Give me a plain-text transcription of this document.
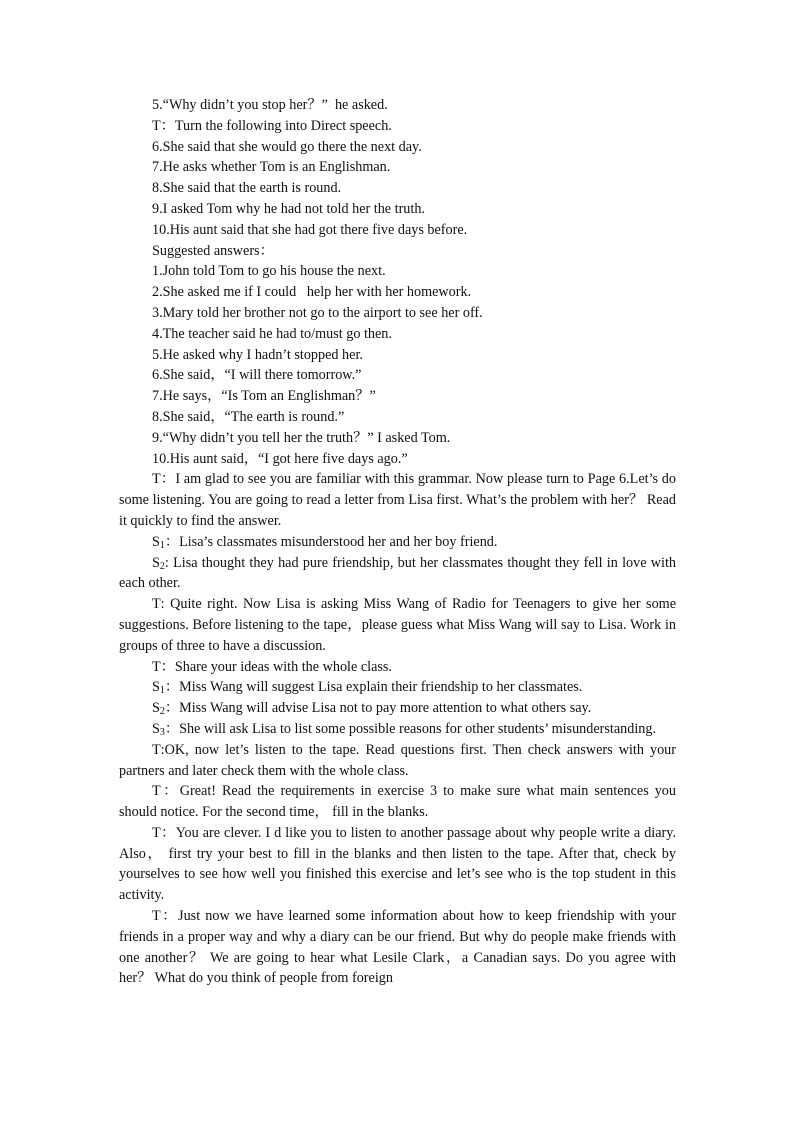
5.“Why didn’t you stop her？”  he asked.

T：Turn the following into Direct speech.

6.She said that she would go there the next day.

7.He asks whether Tom is an Englishman.

8.She said that the earth is round.

9.I asked Tom why he had not told her the truth.

10.His aunt said that she had got there five days before.

Suggested answers：

1.John told Tom to go his house the next.

2.She asked me if I could   help her with her homework.

3.Mary told her brother not go to the airport to see her off.

4.The teacher said he had to/must go then.

5.He asked why I hadn’t stopped her.

6.She said，“I will there tomorrow.”

7.He says，“Is Tom an Englishman？”

8.She said，“The earth is round.”

9.“Why didn’t you tell her the truth？” I asked Tom.

10.His aunt said，“I got here five days ago.”

T：I am glad to see you are familiar with this grammar. Now please turn to Page 6.Let’s do some listening. You are going to read a letter from Lisa first. What’s the problem with her？ Read it quickly to find the answer.

$S_1$：Lisa’s classmates misunderstood her and her boy friend.

$S_2$: Lisa thought they had pure friendship, but her classmates thought they fell in love with each other.

T: Quite right. Now Lisa is asking Miss Wang of Radio for Teenagers to give her some suggestions. Before listening to the tape，please guess what Miss Wang will say to Lisa. Work in groups of three to have a discussion.

T：Share your ideas with the whole class.

$S_1$：Miss Wang will suggest Lisa explain their friendship to her classmates.

$S_2$：Miss Wang will advise Lisa not to pay more attention to what others say.

$S_3$：She will ask Lisa to list some possible reasons for other students’ misunderstanding.

T:OK, now let’s listen to the tape. Read questions first. Then check answers with your partners and later check them with the whole class.

T：Great! Read the requirements in exercise 3 to make sure what main sentences you should notice. For the second time， fill in the blanks.

T：You are clever. I d like you to listen to another passage about why people write a diary. Also， first try your best to fill in the blanks and then listen to the tape. After that, check by yourselves to see how well you finished this exercise and let’s see who is the top student in this activity.

T：Just now we have learned some information about how to keep friendship with your friends in a proper way and why a diary can be our friend. But why do people make friends with one another？ We are going to hear what Lesile Clark，a Canadian says. Do you agree with her？ What do you think of people from foreign
